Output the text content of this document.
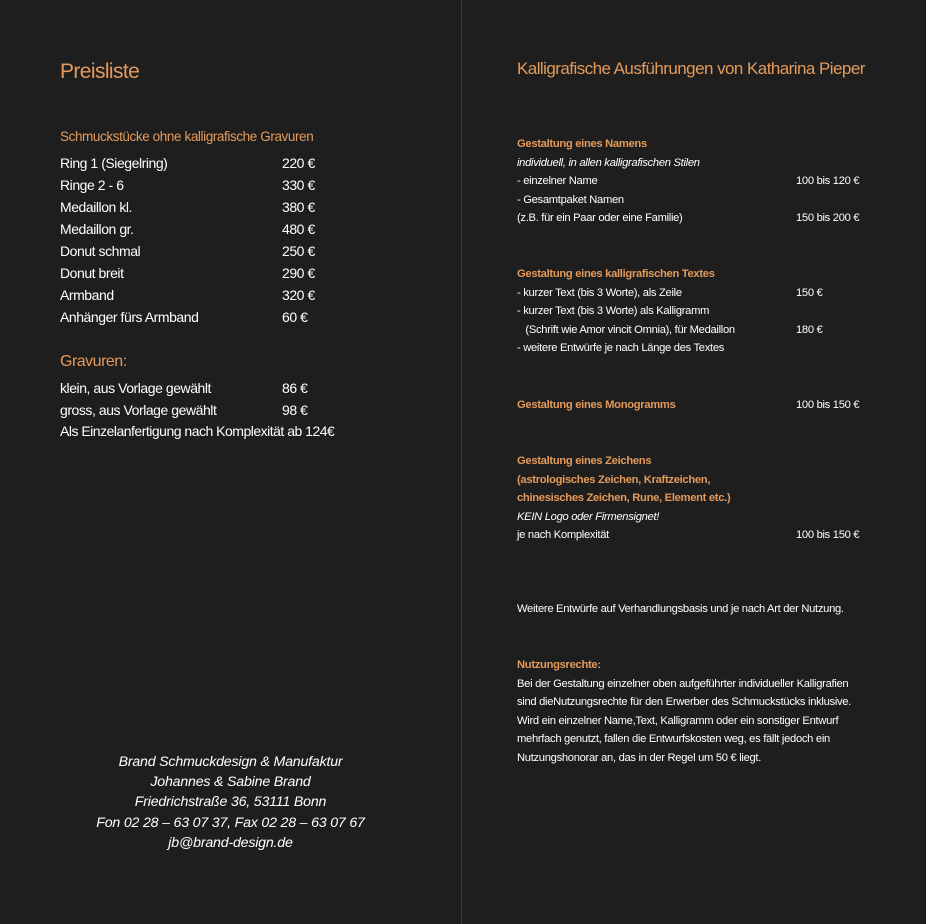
Preisliste
Schmuckstücke ohne kalligrafische Gravuren
Ring 1 (Siegelring)	220 €
Ringe 2 - 6	330 €
Medaillon kl.	380 €
Medaillon gr.	480 €
Donut schmal	250 €
Donut breit	290 €
Armband	320 €
Anhänger fürs Armband	60 €
Gravuren:
klein, aus Vorlage gewählt	86 €
gross, aus Vorlage gewählt	98 €
Als Einzelanfertigung nach Komplexität ab 124€
Brand Schmuckdesign & Manufaktur
Johannes & Sabine Brand
Friedrichstraße 36, 53111 Bonn
Fon 02 28 – 63 07 37, Fax 02 28 – 63 07 67
jb@brand-design.de
Kalligrafische Ausführungen von Katharina Pieper
Gestaltung eines Namens
individuell, in allen kalligrafischen Stilen
- einzelner Name	100 bis 120 €
- Gesamtpaket Namen
(z.B. für ein Paar oder eine Familie)	150 bis 200 €
Gestaltung eines kalligrafischen Textes
- kurzer Text (bis 3 Worte), als Zeile	150 €
- kurzer Text (bis 3 Worte) als Kalligramm
(Schrift wie Amor vincit Omnia), für Medaillon	180 €
- weitere Entwürfe je nach Länge des Textes
Gestaltung eines Monogramms	100 bis 150 €
Gestaltung eines Zeichens
(astrologisches Zeichen, Kraftzeichen,
chinesisches Zeichen, Rune, Element etc.)
KEIN Logo oder Firmensignet!
je nach Komplexität	100 bis 150 €
Weitere Entwürfe auf Verhandlungsbasis und je nach Art der Nutzung.
Nutzungsrechte:
Bei der Gestaltung einzelner oben aufgeführter individueller Kalligrafien
sind dieNutzungsrechte für den Erwerber des Schmuckstücks inklusive.
Wird ein einzelner Name,Text, Kalligramm oder ein sonstiger Entwurf
mehrfach genutzt, fallen die Entwurfskosten weg, es fällt jedoch ein
Nutzungshonorar an, das in der Regel um 50 € liegt.
